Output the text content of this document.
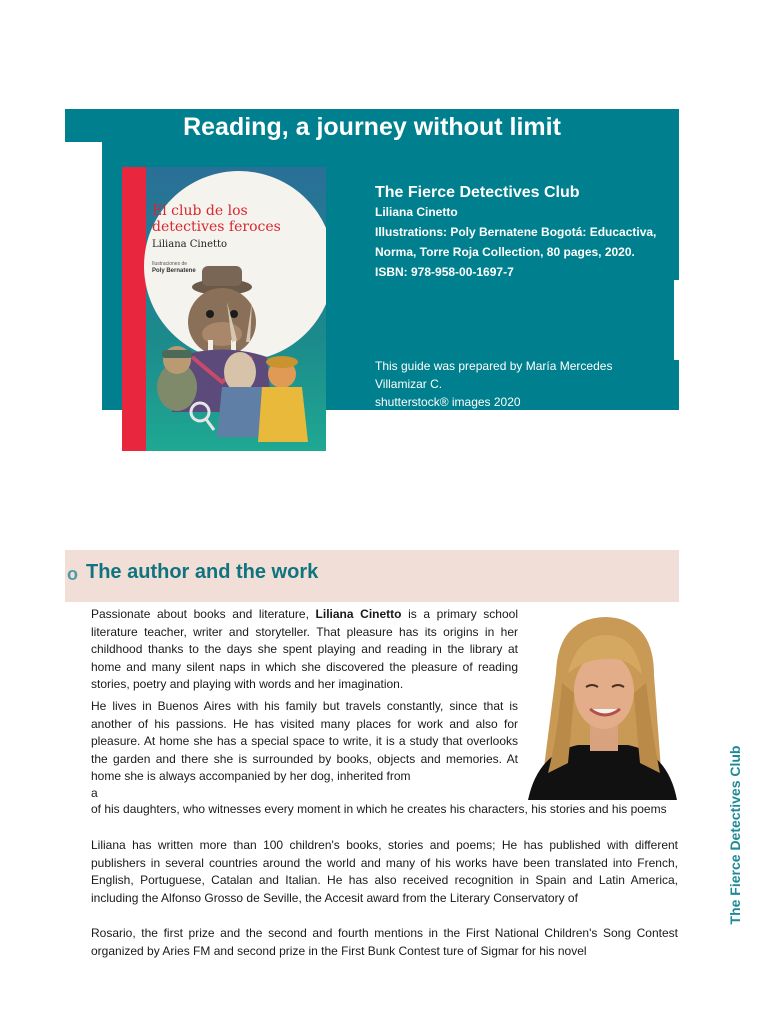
Reading, a journey without limit
El club de los detectives feroces
Liliana Cinetto
Ilustraciones de
Poly Bernatene
The Fierce Detectives Club
Liliana Cinetto
Illustrations: Poly Bernatene Bogotá: Educactiva,
Norma, Torre Roja Collection, 80 pages, 2020.
ISBN: 978-958-00-1697-7
This guide was prepared by María Mercedes
Villamizar C.
shutterstock® images 2020
o The author and the work
Passionate about books and literature, Liliana Cinetto is a primary school literature teacher, writer and storyteller. That pleasure has its origins in her childhood thanks to the days she spent playing and reading in the library at home and many silent naps in which she discovered the pleasure of reading stories, poetry and playing with words and her imagination.
He lives in Buenos Aires with his family but travels constantly, since that is another of his passions. He has visited many places for work and also for pleasure. At home she has a special space to write, it is a study that overlooks the garden and there she is surrounded by books, objects and memories. At home she is always accompanied by her dog, inherited from
a
of his daughters, who witnesses every moment in which he creates his characters, his stories and his poems
Liliana has written more than 100 children's books, stories and poems; He has published with different publishers in several countries around the world and many of his works have been translated into French, English, Portuguese, Catalan and Italian. He has also received recognition in Spain and Latin America, including the Alfonso Grosso de Seville, the Accesit award from the Literary Conservatory of
Rosario, the first prize and the second and fourth mentions in the First National Children's Song Contest organized by Aries FM and second prize in the First Bunk Contest ture of Sigmar for his novel
The Fierce Detectives Club
